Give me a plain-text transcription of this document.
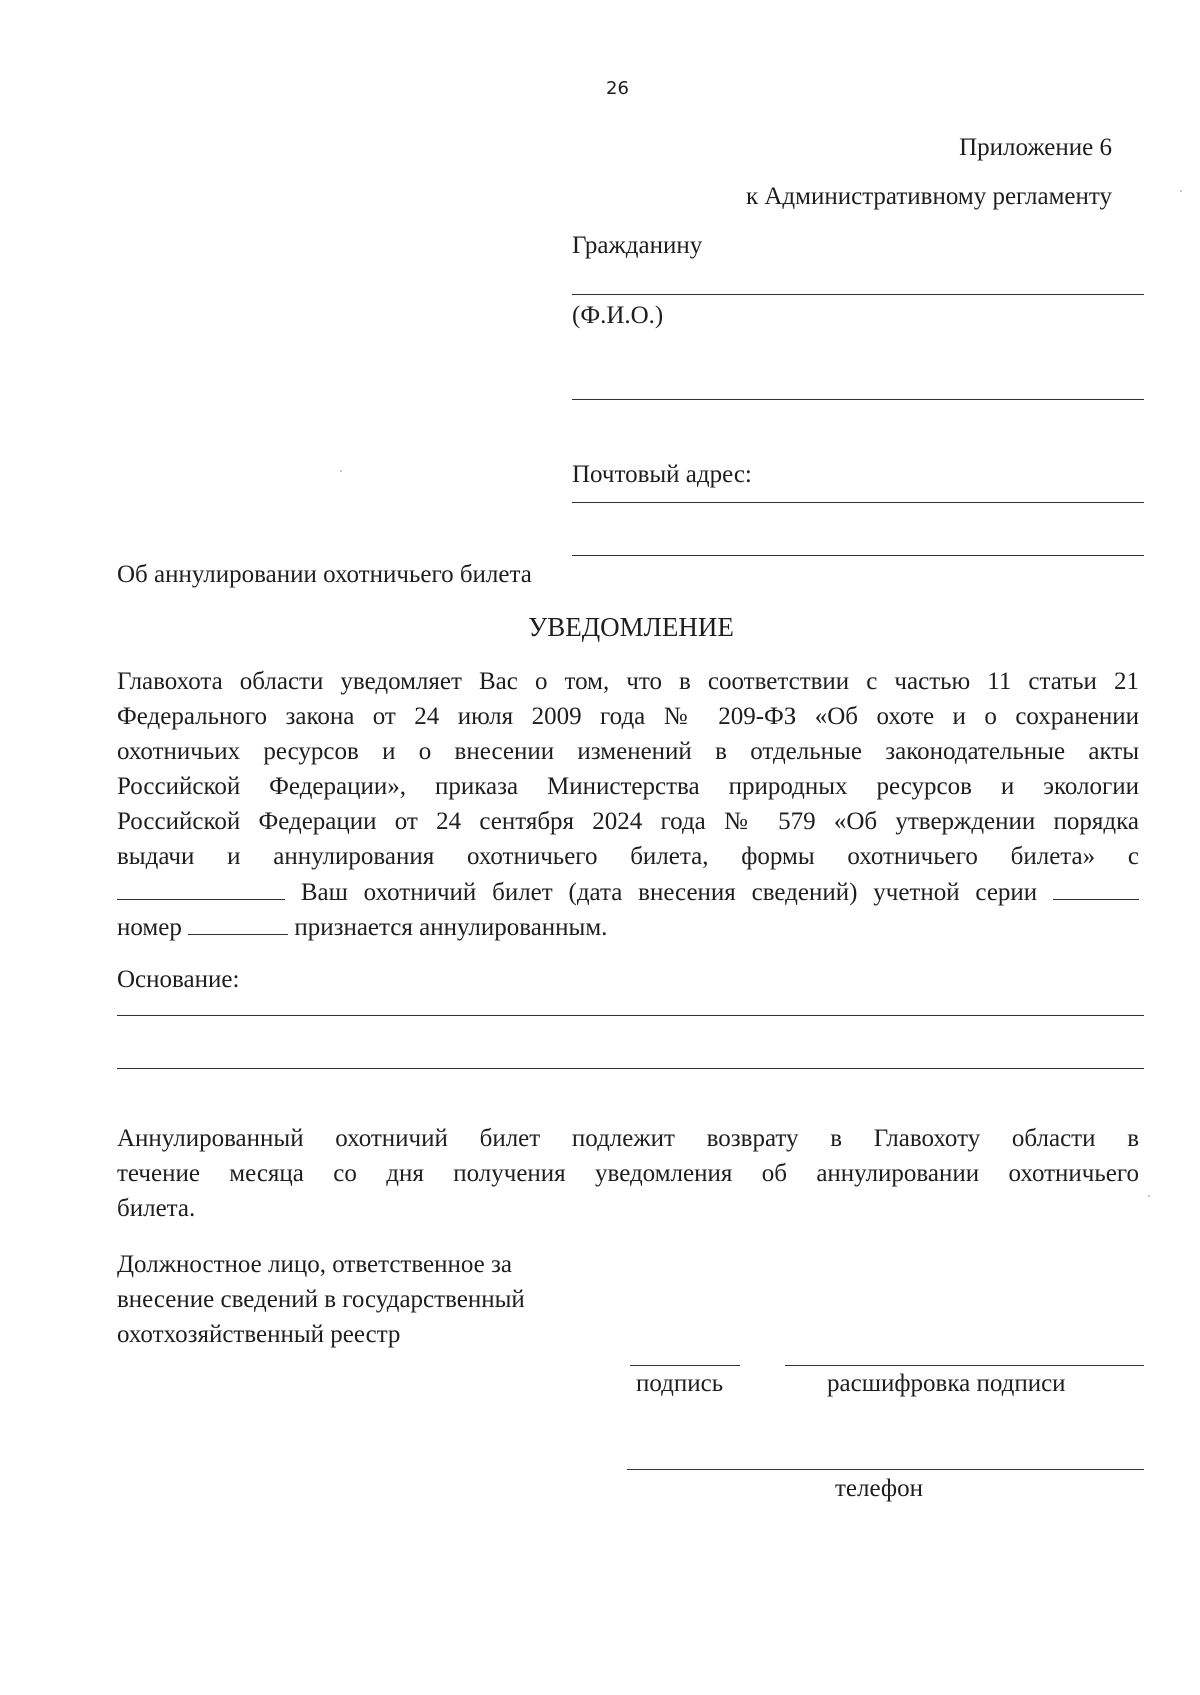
26
Приложение 6
к Административному регламенту
Гражданину
(Ф.И.О.)
Почтовый адрес:
Об аннулировании охотничьего билета
УВЕДОМЛЕНИЕ
Главохота области уведомляет Вас о том, что в соответствии с частью 11 статьи 21
Федерального закона от 24 июля 2009 года № 209-ФЗ «Об охоте и о сохранении
охотничьих ресурсов и о внесении изменений в отдельные законодательные акты
Российской Федерации», приказа Министерства природных ресурсов и экологии
Российской Федерации от 24 сентября 2024 года № 579 «Об утверждении порядка
выдачи и аннулирования охотничьего билета, формы охотничьего билета» с
Ваш охотничий билет (дата внесения сведений) учетной серии
номер	признается аннулированным.
Основание:
Аннулированный охотничий билет подлежит возврату в Главохоту области в
течение месяца со дня получения уведомления об аннулировании охотничьего
билета.
Должностное лицо, ответственное за
внесение сведений в государственный
охотхозяйственный реестр
подпись	расшифровка подписи
телефон
